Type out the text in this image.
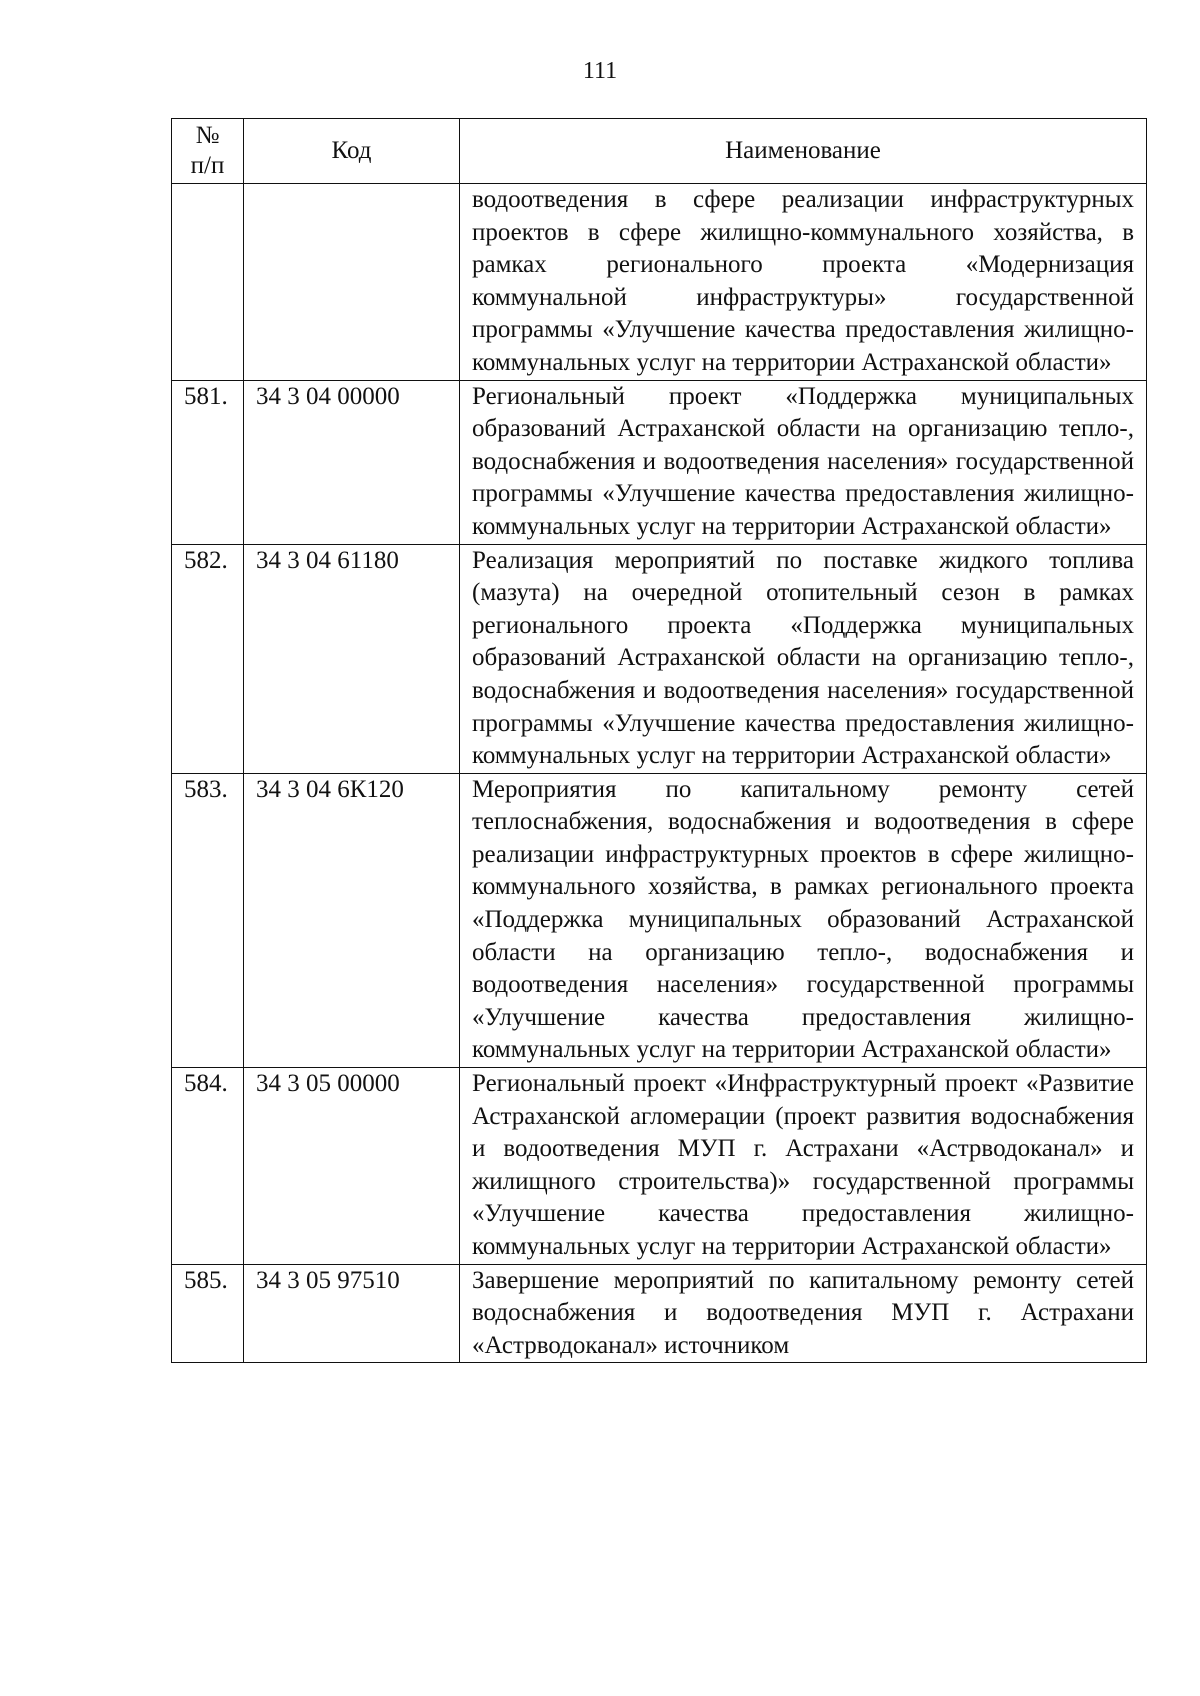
111
№
п/п	Код	Наименование
		водоотведения в сфере реализации инфраструктурных проектов в сфере жилищно-коммунального хозяйства, в рамках регионального проекта «Модернизация коммунальной инфраструктуры» государственной программы «Улучшение качества предоставления жилищно-коммунальных услуг на территории Астраханской области»
581.	34 3 04 00000	Региональный проект «Поддержка муниципальных образований Астраханской области на организацию тепло-, водоснабжения и водоотведения населения» государственной программы «Улучшение качества предоставления жилищно-коммунальных услуг на территории Астраханской области»
582.	34 3 04 61180	Реализация мероприятий по поставке жидкого топлива (мазута) на очередной отопительный сезон в рамках регионального проекта «Поддержка муниципальных образований Астраханской области на организацию тепло-, водоснабжения и водоотведения населения» государственной программы «Улучшение качества предоставления жилищно-коммунальных услуг на территории Астраханской области»
583.	34 3 04 6К120	Мероприятия по капитальному ремонту сетей теплоснабжения, водоснабжения и водоотведения в сфере реализации инфраструктурных проектов в сфере жилищно-коммунального хозяйства, в рамках регионального проекта «Поддержка муниципальных образований Астраханской области на организацию тепло-, водоснабжения и водоотведения населения» государственной программы «Улучшение качества предоставления жилищно-коммунальных услуг на территории Астраханской области»
584.	34 3 05 00000	Региональный проект «Инфраструктурный проект «Развитие Астраханской агломерации (проект развития водоснабжения и водоотведения МУП г. Астрахани «Астрводоканал» и жилищного строительства)» государственной программы «Улучшение качества предоставления жилищно-коммунальных услуг на территории Астраханской области»
585.	34 3 05 97510	Завершение мероприятий по капитальному ремонту сетей водоснабжения и водоотведения МУП г. Астрахани «Астрводоканал» источником
